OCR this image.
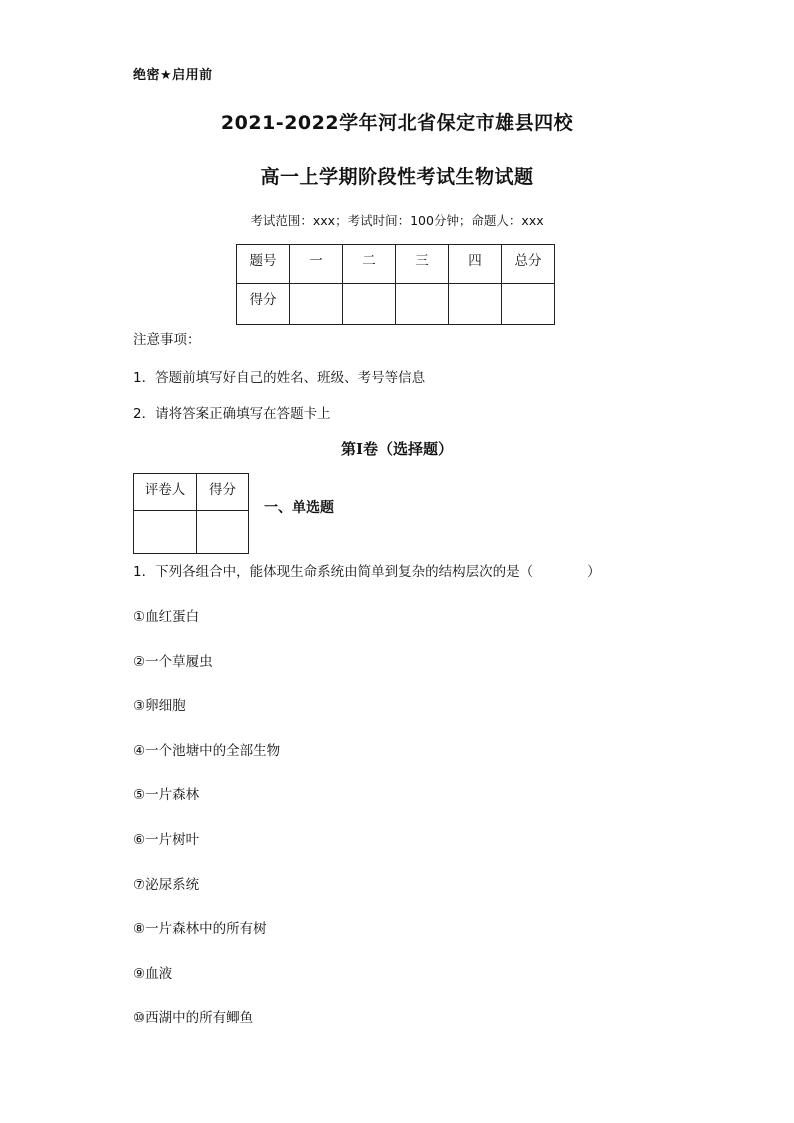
绝密★启用前
2021-2022学年河北省保定市雄县四校
高一上学期阶段性考试生物试题
考试范围：xxx；考试时间：100分钟；命题人：xxx
题号	一	二	三	四	总分
得分					
注意事项：
1．答题前填写好自己的姓名、班级、考号等信息
2．请将答案正确填写在答题卡上
第I卷（选择题）
评卷人	得分

一、单选题
1．下列各组合中，能体现生命系统由简单到复杂的结构层次的是（　　　　）
①血红蛋白
②一个草履虫
③卵细胞
④一个池塘中的全部生物
⑤一片森林
⑥一片树叶
⑦泌尿系统
⑧一片森林中的所有树
⑨血液
⑩西湖中的所有鲫鱼
